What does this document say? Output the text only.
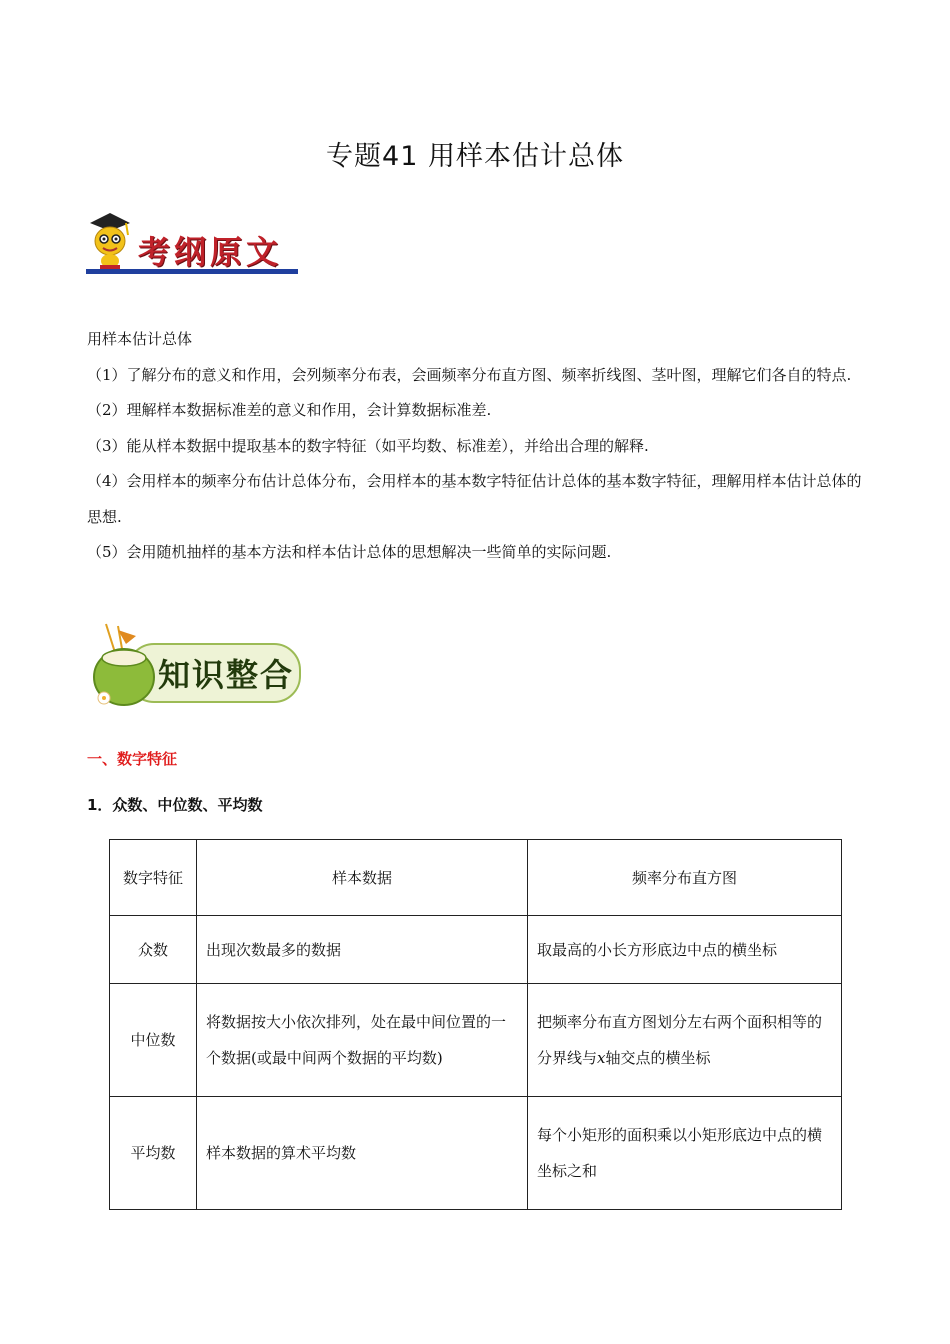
专题41 用样本估计总体
考纲原文
用样本估计总体
（1）了解分布的意义和作用，会列频率分布表，会画频率分布直方图、频率折线图、茎叶图，理解它们各自的特点.
（2）理解样本数据标准差的意义和作用，会计算数据标准差.
（3）能从样本数据中提取基本的数字特征（如平均数、标准差），并给出合理的解释.
（4）会用样本的频率分布估计总体分布，会用样本的基本数字特征估计总体的基本数字特征，理解用样本估计总体的思想.
（5）会用随机抽样的基本方法和样本估计总体的思想解决一些简单的实际问题.
知识整合
一、数字特征
1．众数、中位数、平均数
数字特征	样本数据	频率分布直方图
众数	出现次数最多的数据	取最高的小长方形底边中点的横坐标
中位数	将数据按大小依次排列，处在最中间位置的一个数据(或最中间两个数据的平均数)	把频率分布直方图划分左右两个面积相等的分界线与x轴交点的横坐标
平均数	样本数据的算术平均数	每个小矩形的面积乘以小矩形底边中点的横坐标之和
